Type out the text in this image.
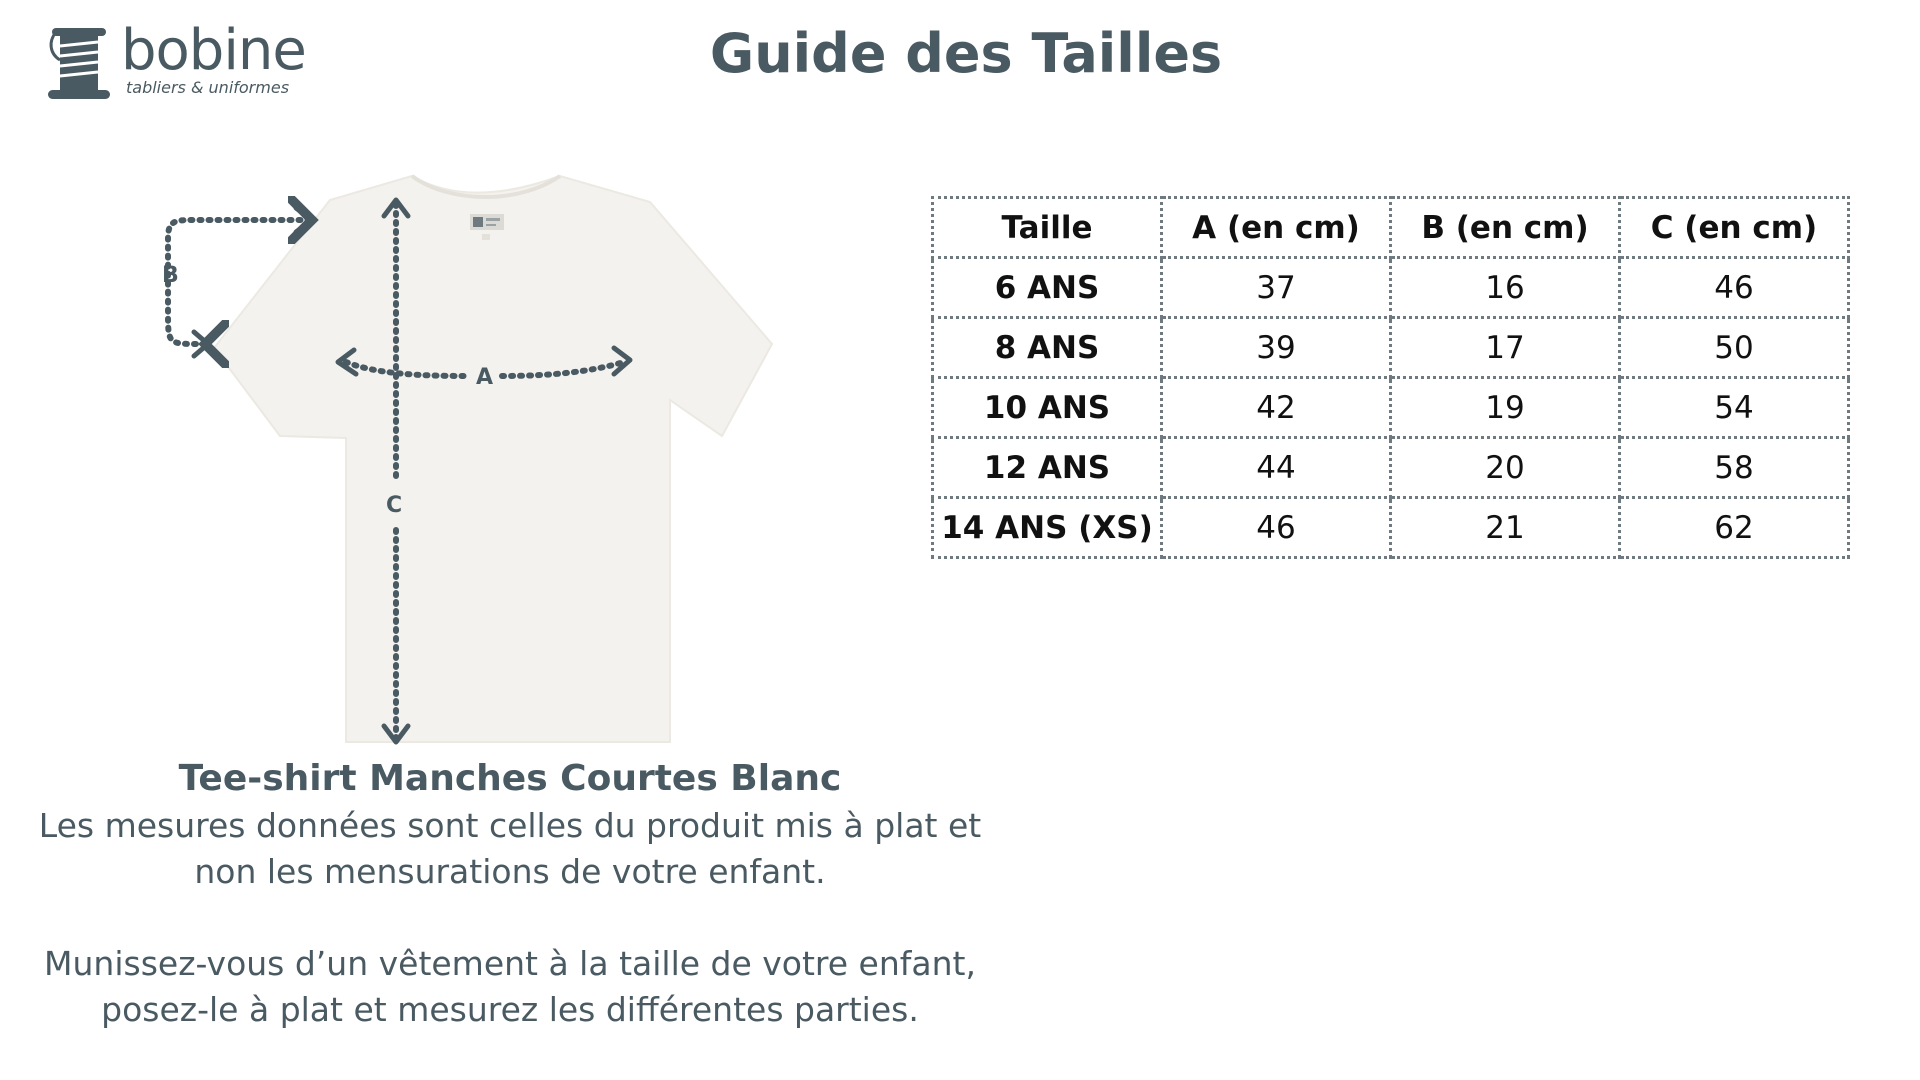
bobine
tabliers & uniformes
Guide des Tailles
B
C
A
Tee-shirt Manches Courtes Blanc

Les mesures données sont celles du produit mis à plat et

non les mensurations de votre enfant.

Munissez-vous d’un vêtement à la taille de votre enfant,

posez-le à plat et mesurez les différentes parties.

Taille	A (en cm)	B (en cm)	C (en cm)
6 ANS	37	16	46
8 ANS	39	17	50
10 ANS	42	19	54
12 ANS	44	20	58
14 ANS (XS)	46	21	62
